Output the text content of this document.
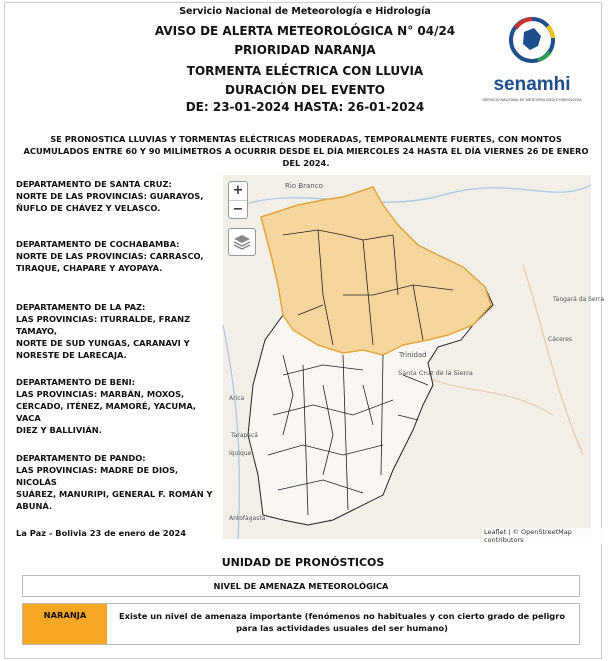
Servicio Nacional de Meteorología e Hidrología
AVISO DE ALERTA METEOROLÓGICA N° 04/24
PRIORIDAD NARANJA
TORMENTA ELÉCTRICA CON LLUVIA
DURACIÓN DEL EVENTO
DE: 23-01-2024 HASTA: 26-01-2024
senamhi
SERVICIO NACIONAL DE METEOROLOGÍA E HIDROLOGÍA
SE PRONOSTICA LLUVIAS Y TORMENTAS ELÉCTRICAS MODERADAS, TEMPORALMENTE FUERTES, CON MONTOS ACUMULADOS ENTRE 60 Y 90 MILÍMETROS A OCURRIR DESDE EL DÍA MIERCOLES 24 HASTA EL DÍA VIERNES 26 DE ENERO DEL 2024.
DEPARTAMENTO DE SANTA CRUZ:
NORTE DE LAS PROVINCIAS: GUARAYOS,
ÑUFLO DE CHÁVEZ Y VELASCO.
DEPARTAMENTO DE COCHABAMBA:
NORTE DE LAS PROVINCIAS: CARRASCO,
TIRAQUE, CHAPARE Y AYOPAYA.
DEPARTAMENTO DE LA PAZ:
LAS PROVINCIAS: ITURRALDE, FRANZ TAMAYO,
NORTE DE SUD YUNGAS, CARANAVI Y
NORESTE DE LARECAJA.
DEPARTAMENTO DE BENI:
LAS PROVINCIAS: MARBÁN, MOXOS,
CERCADO, ITÉNEZ, MAMORÉ, YACUMA, VACA
DIEZ Y BALLIVIÁN.
DEPARTAMENTO DE PANDO:
LAS PROVINCIAS: MADRE DE DIOS, NICOLÁS
SUÁREZ, MANURIPI, GENERAL F. ROMÁN Y
ABUNÁ.
Rio Branco
Trinidad
Tangará da Serra
Cáceres
Santa Cruz de la Sierra
Tarapacá
Arica
Iquique
Antofagasta
+
−
Leaflet | © OpenStreetMap contributors
La Paz - Bolivia 23 de enero de 2024
UNIDAD DE PRONÓSTICOS
NIVEL DE AMENAZA METEOROLÓGICA
NARANJA	Existe un nivel de amenaza importante (fenómenos no habituales y con cierto grado de peligro para las actividades usuales del ser humano)
